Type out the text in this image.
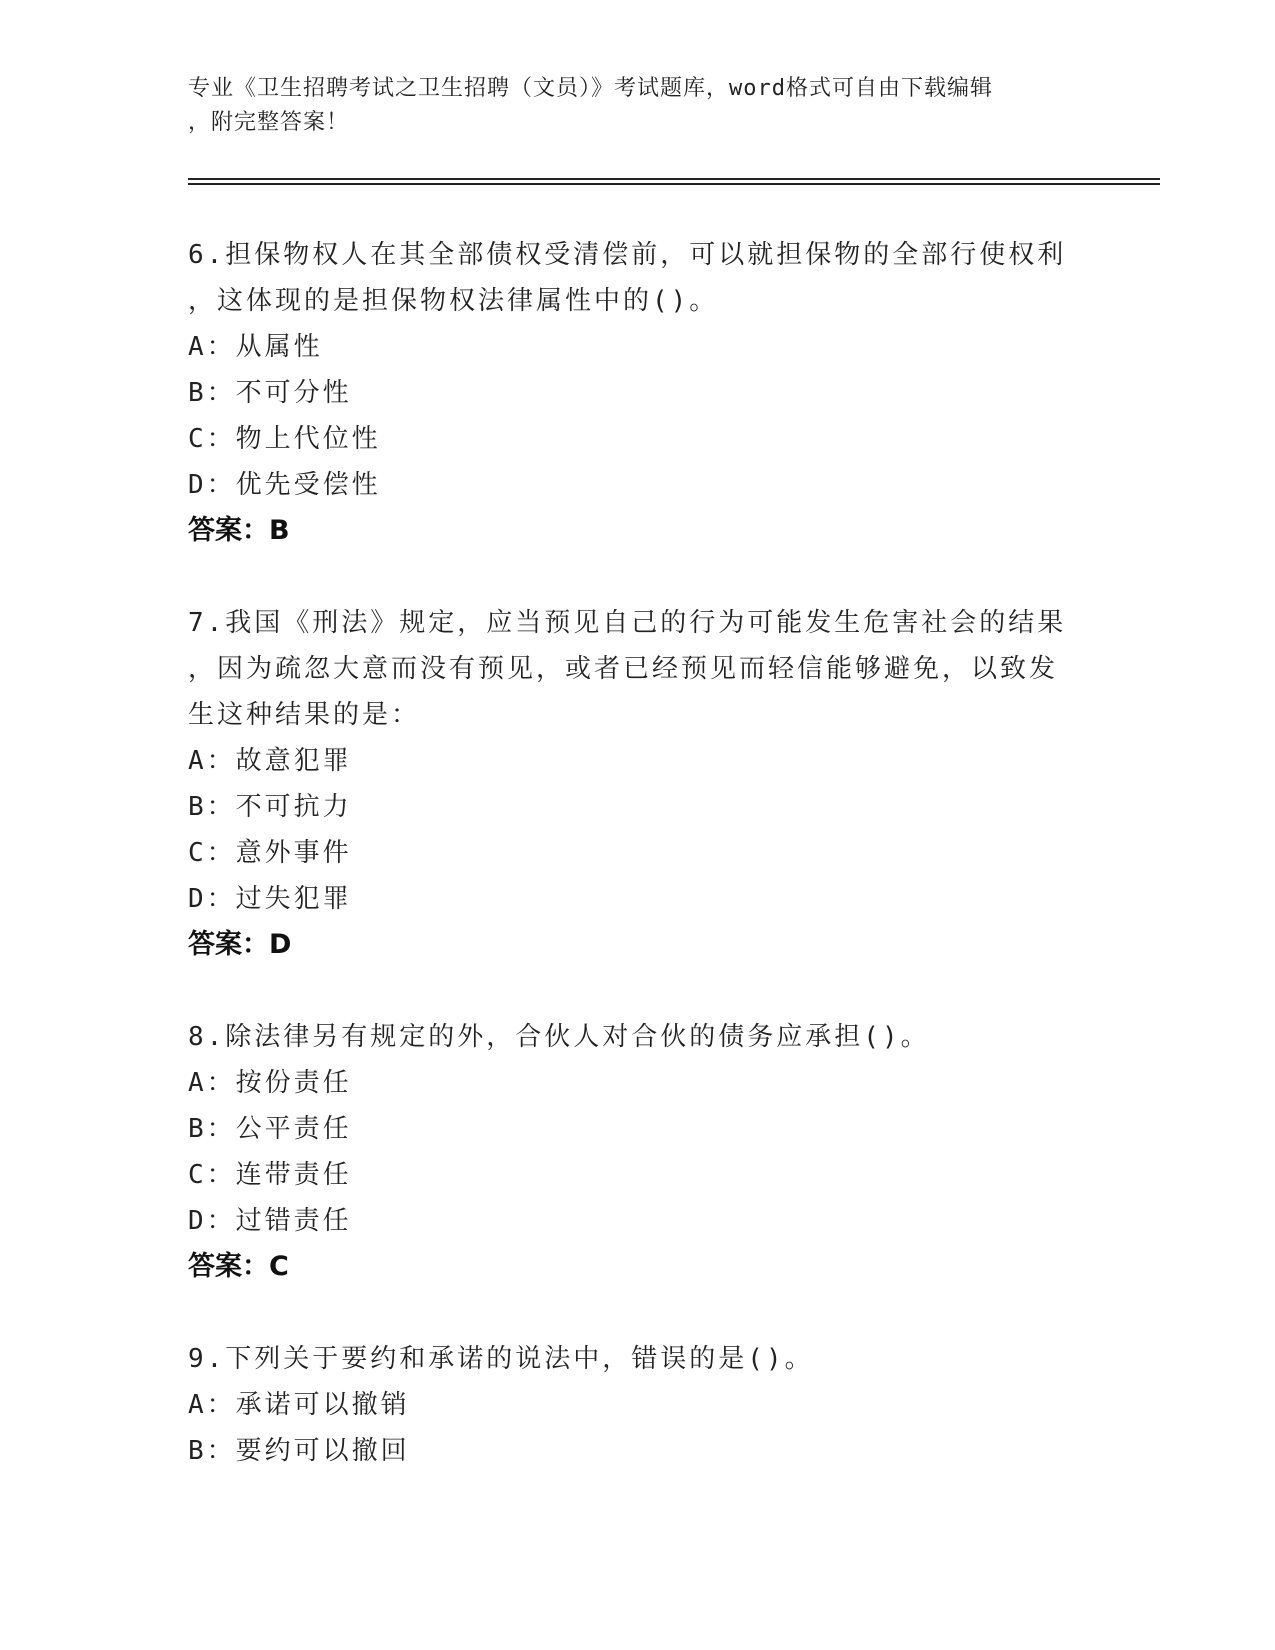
专业《卫生招聘考试之卫生招聘（文员）》考试题库，word格式可自由下载编辑
，附完整答案！
6.担保物权人在其全部债权受清偿前，可以就担保物的全部行使权利
，这体现的是担保物权法律属性中的()。
A：从属性
B：不可分性
C：物上代位性
D：优先受偿性
答案：B
7.我国《刑法》规定，应当预见自己的行为可能发生危害社会的结果
，因为疏忽大意而没有预见，或者已经预见而轻信能够避免，以致发
生这种结果的是：
A：故意犯罪
B：不可抗力
C：意外事件
D：过失犯罪
答案：D
8.除法律另有规定的外，合伙人对合伙的债务应承担()。
A：按份责任
B：公平责任
C：连带责任
D：过错责任
答案：C
9.下列关于要约和承诺的说法中，错误的是()。
A：承诺可以撤销
B：要约可以撤回
